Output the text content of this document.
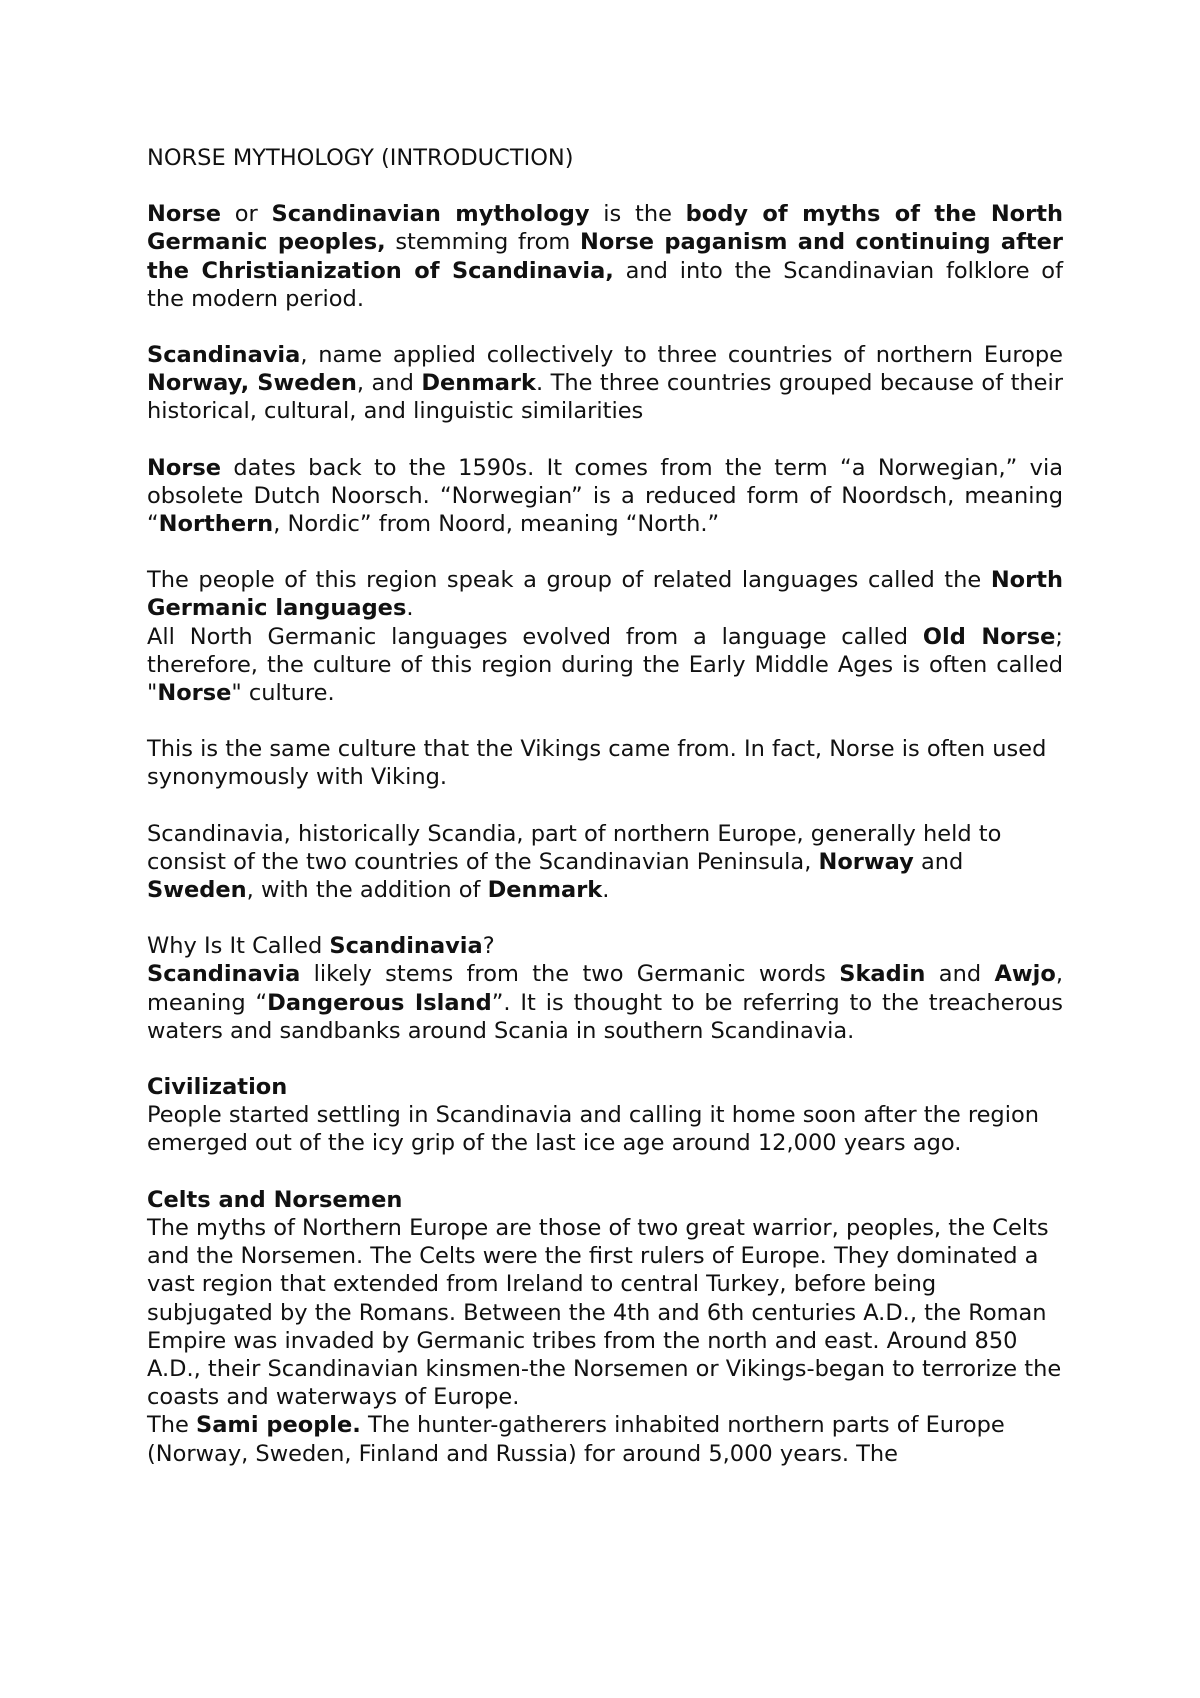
NORSE MYTHOLOGY (INTRODUCTION)

Norse or Scandinavian mythology is the body of myths of the North Germanic peoples, stemming from Norse paganism and continuing after the Christianization of Scandinavia, and into the Scandinavian folklore of the modern period.

Scandinavia, name applied collectively to three countries of northern Europe Norway, Sweden, and Denmark. The three countries grouped because of their historical, cultural, and linguistic similarities

Norse dates back to the 1590s. It comes from the term “a Norwegian,” via obsolete Dutch Noorsch. “Norwegian” is a reduced form of Noordsch, meaning “Northern, Nordic” from Noord, meaning “North.”

The people of this region speak a group of related languages called the North Germanic languages.

All North Germanic languages evolved from a language called Old Norse; therefore, the culture of this region during the Early Middle Ages is often called "Norse" culture.

This is the same culture that the Vikings came from. In fact, Norse is often used synonymously with Viking.

Scandinavia, historically Scandia, part of northern Europe, generally held to consist of the two countries of the Scandinavian Peninsula, Norway and Sweden, with the addition of Denmark.

Why Is It Called Scandinavia?

Scandinavia likely stems from the two Germanic words Skadin and Awjo, meaning “Dangerous Island”. It is thought to be referring to the treacherous waters and sandbanks around Scania in southern Scandinavia.

Civilization

People started settling in Scandinavia and calling it home soon after the region emerged out of the icy grip of the last ice age around 12,000 years ago.

Celts and Norsemen

The myths of Northern Europe are those of two great warrior, peoples, the Celts and the Norsemen. The Celts were the first rulers of Europe. They dominated a vast region that extended from Ireland to central Turkey, before being subjugated by the Romans. Between the 4th and 6th centuries A.D., the Roman Empire was invaded by Germanic tribes from the north and east. Around 850 A.D., their Scandinavian kinsmen-the Norsemen or Vikings-began to terrorize the coasts and waterways of Europe.

The Sami people. The hunter-gatherers inhabited northern parts of Europe (Norway, Sweden, Finland and Russia) for around 5,000 years. The
